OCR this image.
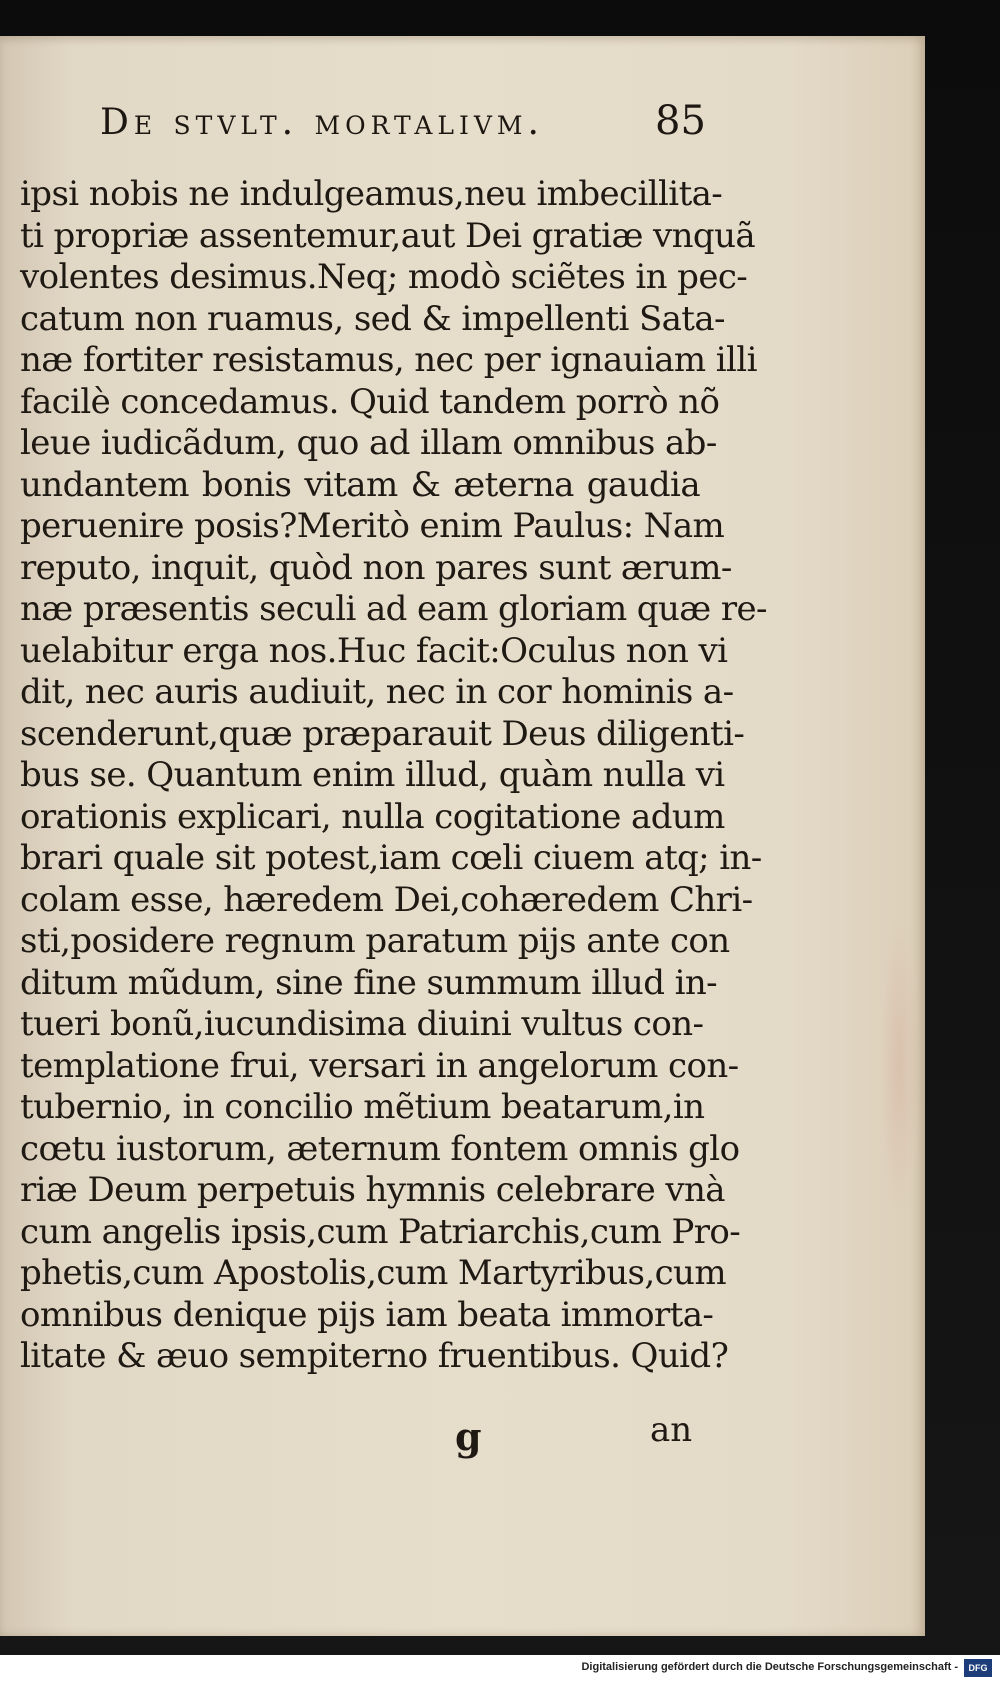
De stvlt. mortalivm.	85
ipsi nobis ne indulgeamus,neu imbecillita-
ti propriæ assentemur,aut Dei gratiæ vnquã
volentes desimus.Neq; modò sciẽtes in pec-
catum non ruamus, sed & impellenti Sata-
næ fortiter resistamus, nec per ignauiam illi
facilè concedamus. Quid tandem porrò nõ
leue iudicãdum, quo ad illam omnibus ab-
undantem bonis vitam & æterna gaudia
peruenire posis?Meritò enim Paulus: Nam
reputo, inquit, quòd non pares sunt ærum-
næ præsentis seculi ad eam gloriam quæ re-
uelabitur erga nos.Huc facit:Oculus non vi
dit, nec auris audiuit, nec in cor hominis a-
scenderunt,quæ præparauit Deus diligenti-
bus se. Quantum enim illud, quàm nulla vi
orationis explicari, nulla cogitatione adum
brari quale sit potest,iam cœli ciuem atq; in-
colam esse, hæredem Dei,cohæredem Chri-
sti,posidere regnum paratum pijs ante con
ditum mũdum, sine fine summum illud in-
tueri bonũ,iucundisima diuini vultus con-
templatione frui, versari in angelorum con-
tubernio, in concilio mẽtium beatarum,in
cœtu iustorum, æternum fontem omnis glo
riæ Deum perpetuis hymnis celebrare vnà
cum angelis ipsis,cum Patriarchis,cum Pro-
phetis,cum Apostolis,cum Martyribus,cum
omnibus denique pijs iam beata immorta-
litate & æuo sempiterno fruentibus. Quid?
g	an
Digitalisierung gefördert durch die Deutsche Forschungsgemeinschaft -	DFG
